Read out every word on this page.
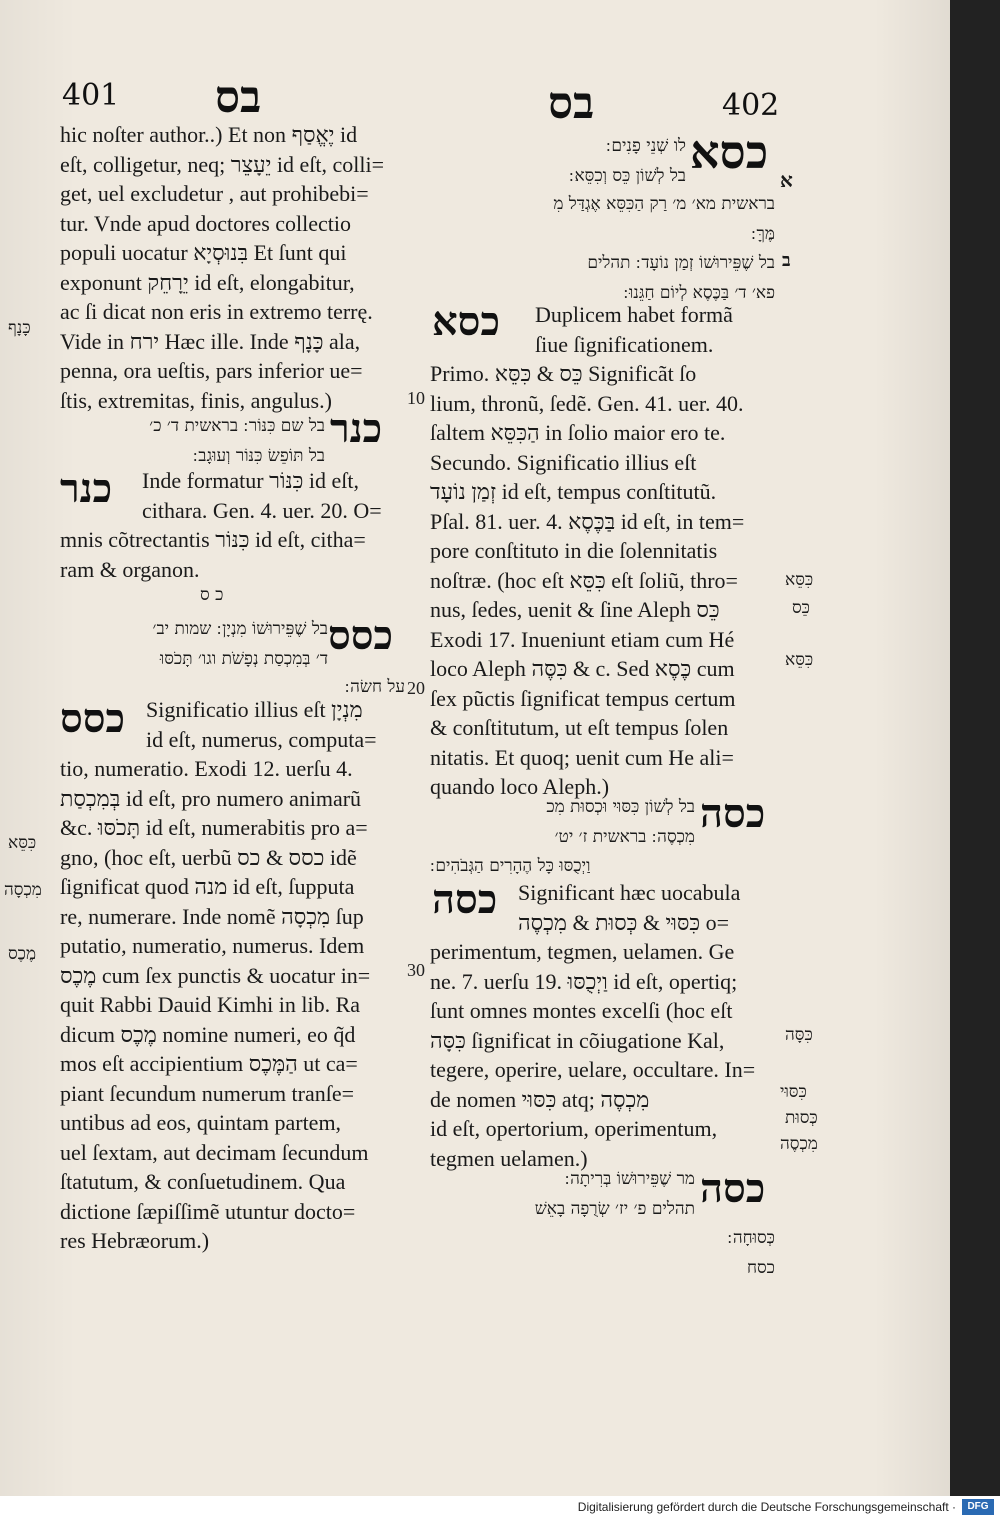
401 בס	בס	402
hic noſter author..) Et non יֶאֱסַף id
eſt, colligetur, neq; יֵעָצֵר id eſt, colli=
get, uel excludetur , aut prohibebi=
tur. Vnde apud doctores collectio
populi uocatur בִּנוּסְיָא Et ſunt qui
exponunt יֵרָחֵק id eſt, elongabitur,
ac ſi dicat non eris in extremo terrę.
Vide in ירח Hæc ille. Inde כָּנָף ala,
penna, ora ueſtis, pars inferior ue=
ſtis, extremitas, finis, angulus.)
כנר
בל שם כִּנּוֹר ׃ בראשית ד׳ כ׳
בל תּוֹפֵשׂ כִּנּוֹר וְעוּגָב ׃
כנר Inde formatur כִּנּוֹר id eſt,
cithara. Gen. 4. uer. 20. O=
mnis cõtrectantis כִּנּוֹר id eſt, citha=
ram & organon.
כ ס
כסס
בל שֶׁפֵּירוּשׁוֹ מִנְיָן ׃ שמות יב׳
ד׳ בְּמִכְסַת נְפָשֹׁת וגו׳ תָּכֹסּוּ
על חשׂה ׃
כסס Significatio illius eſt מִנְיָן
id eſt, numerus, computa=
tio, numeratio. Exodi 12. uerſu 4.
בְּמִכְסַת id eſt, pro numero animarũ
&c. תָּכֹסּוּ id eſt, numerabitis pro a=
gno, (hoc eſt, uerbũ כסס & כס idẽ
ſignificat quod מנה id eſt, ſupputa
re, numerare. Inde nomẽ מִכְסָה ſup
putatio, numeratio, numerus. Idem
מֶכֶס cum ſex punctis & uocatur in=
quit Rabbi Dauid Kimhi in lib. Ra
dicum מֶכֶס nomine numeri, eo q̃d
mos eſt accipientium הַמֶּכֶס ut ca=
piant ſecundum numerum tranſe=
untibus ad eos, quintam partem,
uel ſextam, aut decimam ſecundum
ſtatutum, & conſuetudinem. Qua
dictione ſæpiſſimẽ utuntur docto=
res Hebræorum.)
כָּנָף
כִּסֵּא
מִכְסָה
מֶכֶס
10
20
30
כסא
א
לו שְׁנֵי פָנִים ׃
בל לְשׁוֹן כֵּס וְכִסֵּא ׃
בראשית מא׳ מ׳ רַק הַכִּסֵּא אֶגְדַּל מִ
מֶּךָּ ׃
בל שֶׁפֵּירוּשׁוֹ זְמַן נוֹעָד ׃ תהלים
פא׳ ד׳ בַּכֶּסֶא לְיוֹם חַגֵּנוּ ׃
ב
כסא Duplicem habet formã
ſiue ſignificationem.
Primo. כֵּס & כִּסֵּא Significãt ſo
lium, thronũ, ſedẽ. Gen. 41. uer. 40.
ſaltem הַכִּסֵּא in ſolio maior ero te.
Secundo. Significatio illius eſt
זְמַן נוֹעָד id eſt, tempus conſtitutũ.
Pſal. 81. uer. 4. בַּכֶּסֶא id eſt, in tem=
pore conſtituto in die ſolennitatis
noſtræ. (hoc eſt כִּסֵּא eſt ſoliũ, thro=
nus, ſedes, uenit & ſine Aleph כֵּס
Exodi 17. Inueniunt etiam cum Hé
loco Aleph כִּסֶּה & c. Sed כֶּסֶא cum
ſex pũctis ſignificat tempus certum
& conſtitutum, ut eſt tempus ſolen
nitatis. Et quoq; uenit cum He ali=
quando loco Aleph.)
כסה
בל לְשׁוֹן כִּסּוּי וּכְסוּת מִכ
מִכְסֶה ׃ בראשית ז׳ יט׳
וַיְכֻסּוּ כָּל הֶהָרִים הַגְּבֹהִים ׃
כסה Significant hæc uocabula
כִּסּוּי & כְּסוּת & מִכְסֶה o=
perimentum, tegmen, uelamen. Ge
ne. 7. uerſu 19. וַיְכֻסּוּ id eſt, opertiq;
ſunt omnes montes excelſi (hoc eſt
כִּסָּה ſignificat in cõiugatione Kal,
tegere, operire, uelare, occultare. In=
de nomen כִּסּוּי atq; מִכְסֶה
id eſt, opertorium, operimentum,
tegmen uelamen.)
כסה
מר שֶׁפֵּירוּשׁוֹ בְּרִיתָה ׃
תהלים פ׳ יז׳ שְׂרֻפָה בָאֵשׁ
כְּסוּחָה ׃
כסח
כִּסֵּא
כֵּס
כִּסֵּא
כִּסָּה
כִּסּוּי
כְּסוּת
מִכְסֶה
Digitalisierung gefördert durch die Deutsche Forschungsgemeinschaft ·	DFG
